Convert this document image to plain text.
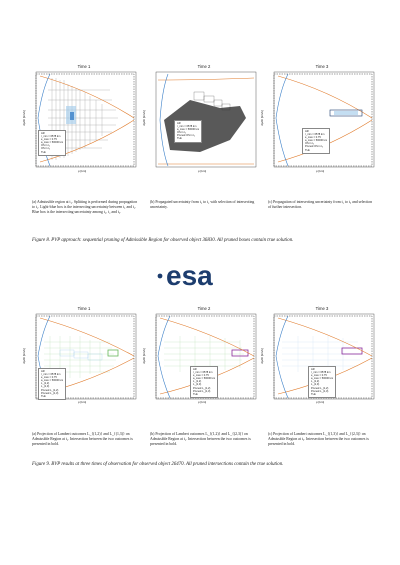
Time 1
AR
r_min = 6578 km
e_max = 0.75
a_max = 50000 km
OS in t₂
OS in t₃
TLE
ρ [km]
dρ/dt [km/s]
Time 2
AR
r_min = 6578 km
a_max = 50000 km
OS in t₂
Pruned OS in t₂
TLE
ρ [km]
dρ/dt [km/s]
Time 3
AR
r_min = 6578 km
e_max = 0.75
a_max = 50000 km
OS in t₃
Pruned OS in t₃
TLE
ρ [km]
dρ/dt [km/s]
(a) Admissible region at t₁. Splitting is performed during propagation to t₂. Light-blue box is the intersecting uncertainty between t₁ and t₂. Blue box is the intersecting uncertainty among t₁, t₂ and t₃.
(b) Propagated uncertainty from t₁ to t₂ with selection of intersecting uncertainty.
(c) Propagation of intersecting uncertainty from t₂ to t₃ and selection of further intersection.
Figure 8. PVP approach: sequential pruning of Admissible Region for observed object 36830. All pruned boxes contain true solution.
esa
Time 1
AR
r_min = 6578 km
e_max = 0.75
a_max = 50000 km
L_{1,2}
L_{1,3}
Pruned L_{1,2}
Pruned L_{1,3}
TLE
ρ [km]
dρ/dt [km/s]
Time 2
AR
r_min = 6578 km
e_max = 0.75
a_max = 50000 km
L_{1,2}
L_{1,3}
Pruned L_{1,2}
Pruned L_{1,3}
TLE
ρ [km]
dρ/dt [km/s]
Time 3
AR
r_min = 6578 km
e_max = 0.75
a_max = 50000 km
L_{1,2}
L_{1,3}
Pruned L_{1,2}
Pruned L_{1,3}
TLE
ρ [km]
dρ/dt [km/s]
(a) Projection of Lambert outcomes L_{(1,2)} and L_{(1,3)} on Admissible Region at t₁. Intersection between the two outcomes is presented in bold.
(b) Projection of Lambert outcomes L_{(1,2)} and L_{(2,3)} on Admissible Region at t₂. Intersection between the two outcomes is presented in bold.
(c) Projection of Lambert outcomes L_{(1,3)} and L_{(2,3)} on Admissible Region at t₃. Intersection between the two outcomes is presented in bold.
Figure 9. BVP results at three times of observation for observed object 26470. All pruned intersections contain the true solution.
